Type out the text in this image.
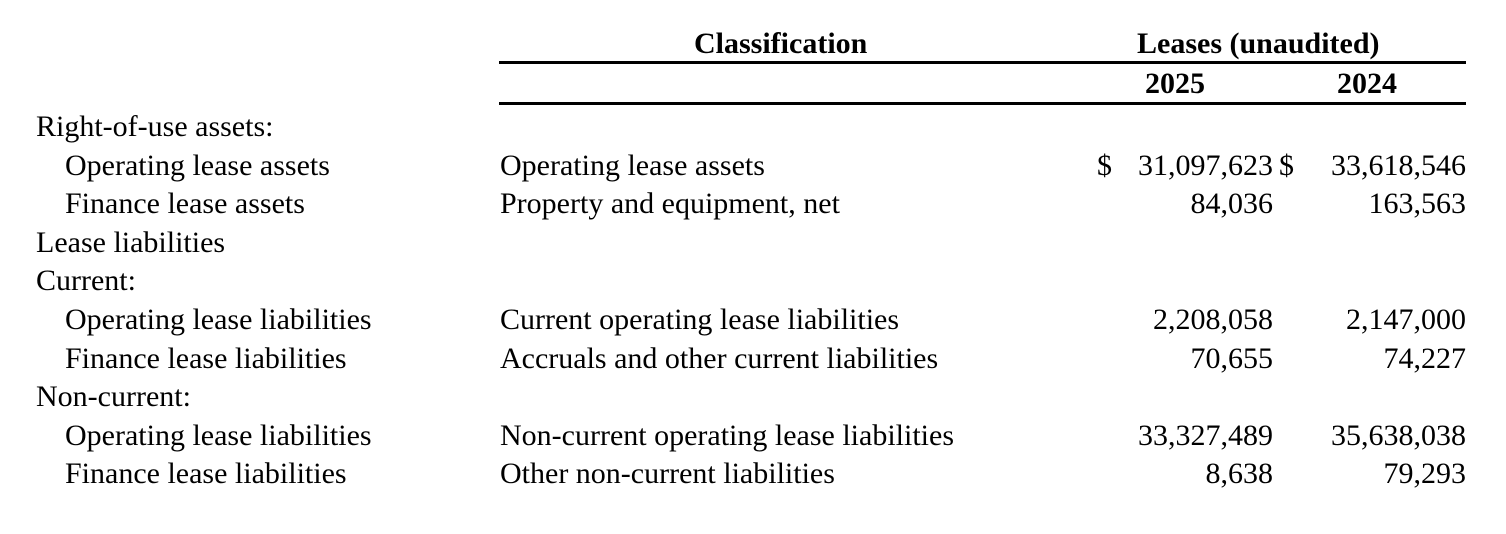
Classification	Leases (unaudited)
2025	2024
Right-of-use assets:
Operating lease assets	Operating lease assets	$ 31,097,623 $ 33,618,546
Finance lease assets	Property and equipment, net	84,036	163,563
Lease liabilities
Current:
Operating lease liabilities	Current operating lease liabilities	2,208,058 2,147,000
Finance lease liabilities	Accruals and other current liabilities	70,655	74,227
Non-current:
Operating lease liabilities	Non-current operating lease liabilities	33,327,489 35,638,038
Finance lease liabilities	Other non-current liabilities	8,638	79,293
